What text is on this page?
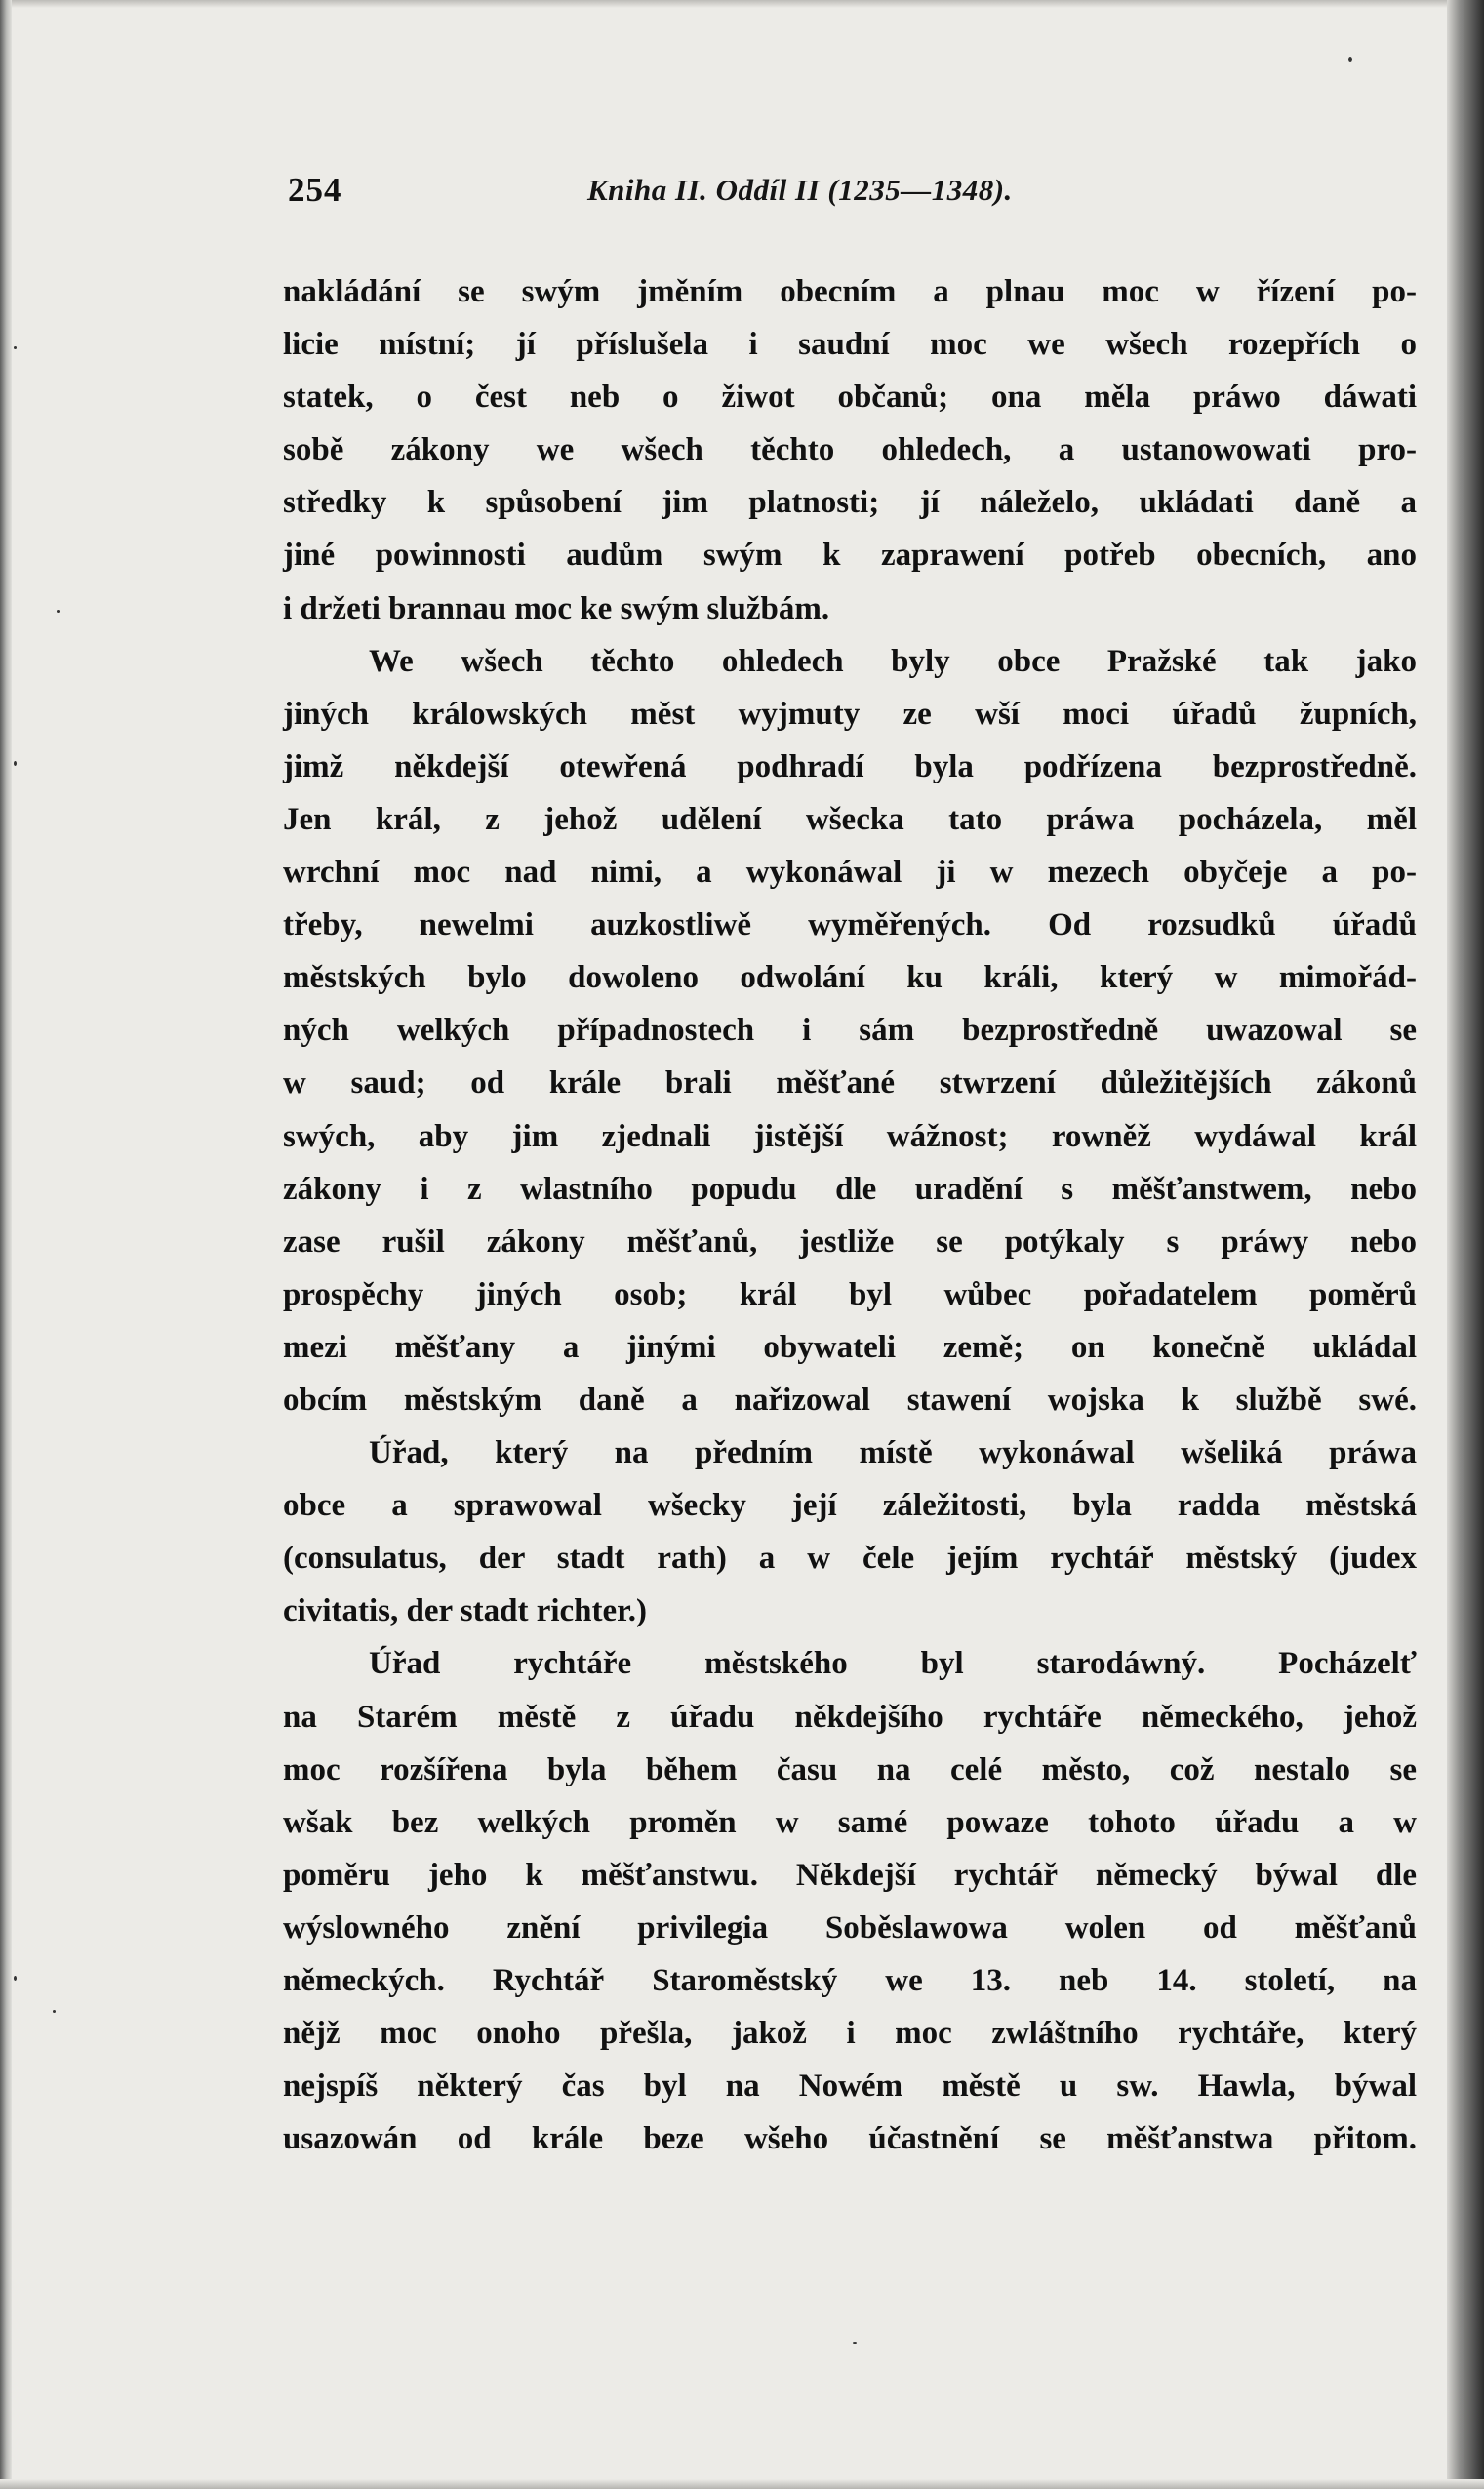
254	Kniha II. Oddíl II (1235—1348).
nakládání se swým jměním obecním a plnau moc w řízení po-
licie místní; jí příslušela i saudní moc we wšech rozepřích o
statek, o čest neb o žiwot občanů; ona měla práwo dáwati
sobě zákony we wšech těchto ohledech, a ustanowowati pro-
středky k spůsobení jim platnosti; jí náleželo, ukládati daně a
jiné powinnosti audům swým k zaprawení potřeb obecních, ano
i držeti brannau moc ke swým službám.
We wšech těchto ohledech byly obce Pražské tak jako
jiných králowských měst wyjmuty ze wší moci úřadů župních,
jimž někdejší otewřená podhradí byla podřízena bezprostředně.
Jen král, z jehož udělení wšecka tato práwa pocházela, měl
wrchní moc nad nimi, a wykonáwal ji w mezech obyčeje a po-
třeby, newelmi auzkostliwě wyměřených. Od rozsudků úřadů
městských bylo dowoleno odwolání ku králi, který w mimořád-
ných welkých případnostech i sám bezprostředně uwazowal se
w saud; od krále brali měšťané stwrzení důležitějších zákonů
swých, aby jim zjednali jistější wážnost; rowněž wydáwal král
zákony i z wlastního popudu dle uradění s měšťanstwem, nebo
zase rušil zákony měšťanů, jestliže se potýkaly s práwy nebo
prospěchy jiných osob; král byl wůbec pořadatelem poměrů
mezi měšťany a jinými obywateli země; on konečně ukládal
obcím městským daně a nařizowal stawení wojska k službě swé.
Úřad, který na předním místě wykonáwal wšeliká práwa
obce a sprawowal wšecky její záležitosti, byla radda městská
(consulatus, der stadt rath) a w čele jejím rychtář městský (judex
civitatis, der stadt richter.)
Úřad rychtáře městského byl starodáwný. Pocházelť
na Starém městě z úřadu někdejšího rychtáře německého, jehož
moc rozšířena byla během času na celé město, což nestalo se
wšak bez welkých proměn w samé powaze tohoto úřadu a w
poměru jeho k měšťanstwu. Někdejší rychtář německý býwal dle
wýslowného znění privilegia Soběslawowa wolen od měšťanů
německých. Rychtář Staroměstský we 13. neb 14. století, na
nějž moc onoho přešla, jakož i moc zwláštního rychtáře, který
nejspíš některý čas byl na Nowém městě u sw. Hawla, býwal
usazowán od krále beze wšeho účastnění se měšťanstwa přitom.
